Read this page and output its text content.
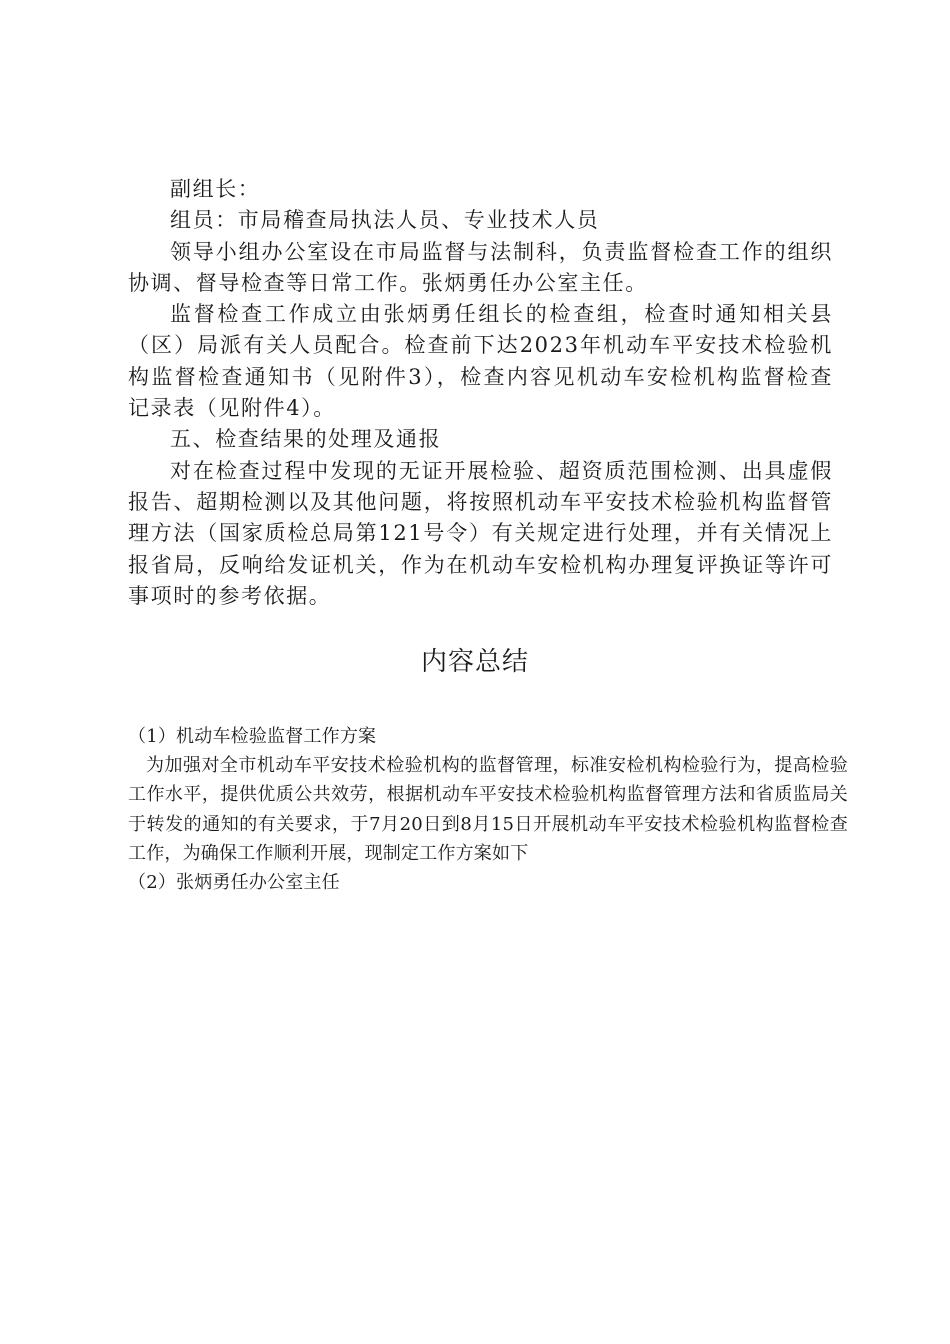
副组长：

组员：市局稽查局执法人员、专业技术人员

领导小组办公室设在市局监督与法制科，负责监督检查工作的组织协调、督导检查等日常工作。张炳勇任办公室主任。

监督检查工作成立由张炳勇任组长的检查组，检查时通知相关县（区）局派有关人员配合。检查前下达2023年机动车平安技术检验机构监督检查通知书（见附件3），检查内容见机动车安检机构监督检查记录表（见附件4）。

五、检查结果的处理及通报

对在检查过程中发现的无证开展检验、超资质范围检测、出具虚假报告、超期检测以及其他问题，将按照机动车平安技术检验机构监督管理方法（国家质检总局第121号令）有关规定进行处理，并有关情况上报省局，反响给发证机关，作为在机动车安检机构办理复评换证等许可事项时的参考依据。

内容总结

（1）机动车检验监督工作方案

为加强对全市机动车平安技术检验机构的监督管理，标准安检机构检验行为，提高检验工作水平，提供优质公共效劳，根据机动车平安技术检验机构监督管理方法和省质监局关于转发的通知的有关要求，于7月20日到8月15日开展机动车平安技术检验机构监督检查工作，为确保工作顺利开展，现制定工作方案如下

（2）张炳勇任办公室主任
